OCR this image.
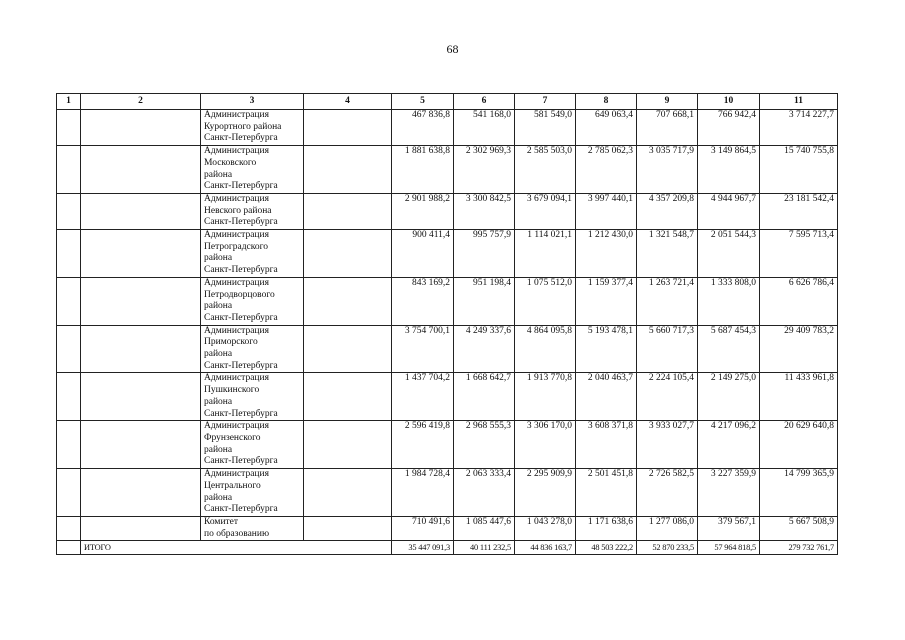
68
1	2	3	4	5	6	7	8	9	10	11

		Администрация
Курортного района
Санкт-Петербурга		467 836,8	541 168,0	581 549,0	649 063,4	707 668,1	766 942,4	3 714 227,7

		Администрация
Московского
района
Санкт-Петербурга		1 881 638,8	2 302 969,3	2 585 503,0	2 785 062,3	3 035 717,9	3 149 864,5	15 740 755,8

		Администрация
Невского района
Санкт-Петербурга		2 901 988,2	3 300 842,5	3 679 094,1	3 997 440,1	4 357 209,8	4 944 967,7	23 181 542,4

		Администрация
Петроградского
района
Санкт-Петербурга		900 411,4	995 757,9	1 114 021,1	1 212 430,0	1 321 548,7	2 051 544,3	7 595 713,4

		Администрация
Петродворцового
района
Санкт-Петербурга		843 169,2	951 198,4	1 075 512,0	1 159 377,4	1 263 721,4	1 333 808,0	6 626 786,4

		Администрация
Приморского
района
Санкт-Петербурга		3 754 700,1	4 249 337,6	4 864 095,8	5 193 478,1	5 660 717,3	5 687 454,3	29 409 783,2

		Администрация
Пушкинского
района
Санкт-Петербурга		1 437 704,2	1 668 642,7	1 913 770,8	2 040 463,7	2 224 105,4	2 149 275,0	11 433 961,8

		Администрация
Фрунзенского
района
Санкт-Петербурга		2 596 419,8	2 968 555,3	3 306 170,0	3 608 371,8	3 933 027,7	4 217 096,2	20 629 640,8

		Администрация
Центрального
района
Санкт-Петербурга		1 984 728,4	2 063 333,4	2 295 909,9	2 501 451,8	2 726 582,5	3 227 359,9	14 799 365,9

		Комитет
по образованию		710 491,6	1 085 447,6	1 043 278,0	1 171 638,6	1 277 086,0	379 567,1	5 667 508,9
	ИТОГО			35 447 091,3	40 111 232,5	44 836 163,7	48 503 222,2	52 870 233,5	57 964 818,5	279 732 761,7
